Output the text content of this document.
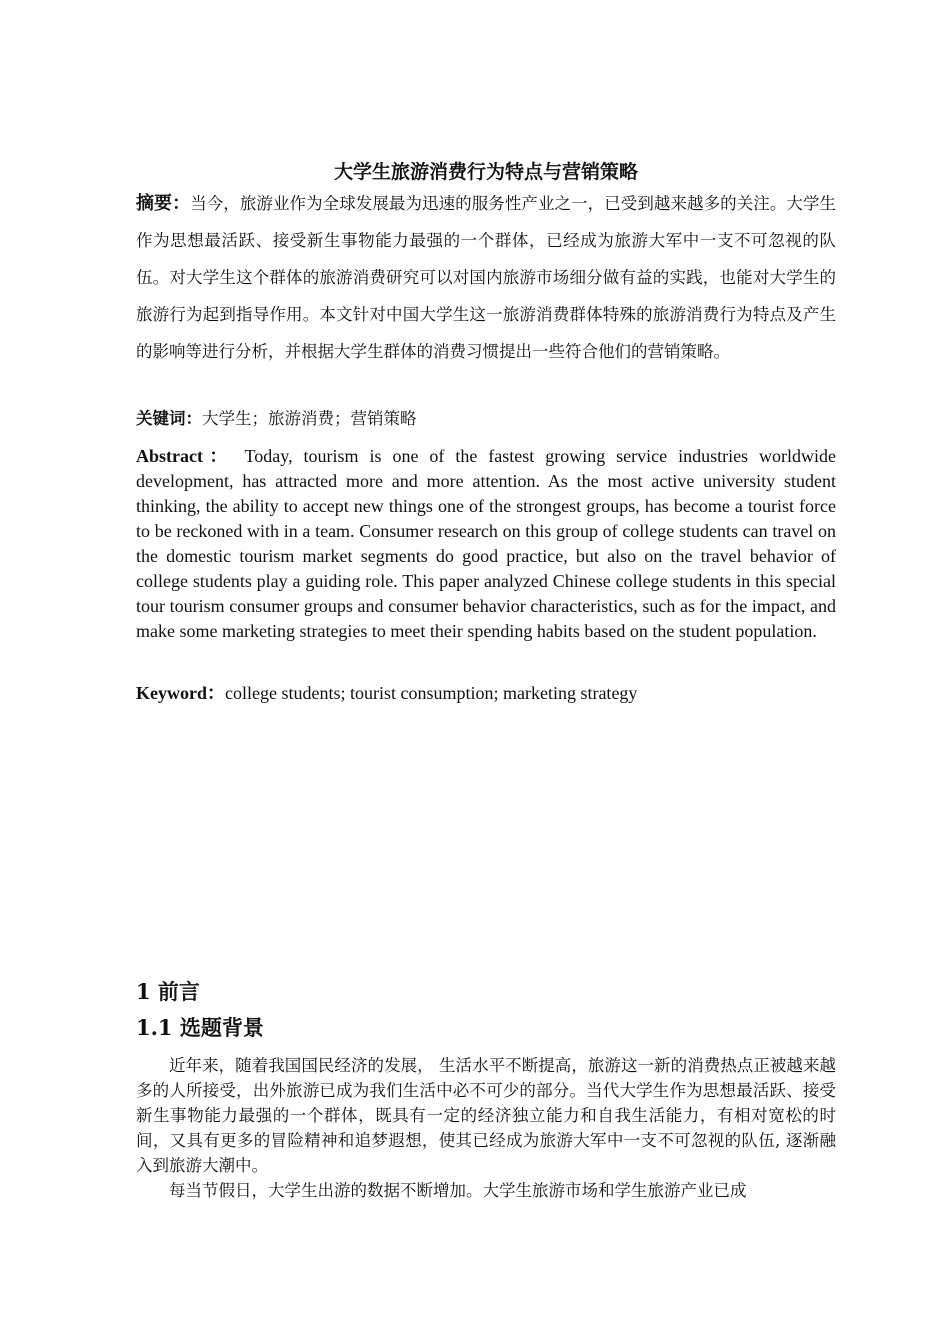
大学生旅游消费行为特点与营销策略

摘要：当今，旅游业作为全球发展最为迅速的服务性产业之一，已受到越来越多的关注。大学生作为思想最活跃、接受新生事物能力最强的一个群体，已经成为旅游大军中一支不可忽视的队伍。对大学生这个群体的旅游消费研究可以对国内旅游市场细分做有益的实践，也能对大学生的旅游行为起到指导作用。本文针对中国大学生这一旅游消费群体特殊的旅游消费行为特点及产生的影响等进行分析，并根据大学生群体的消费习惯提出一些符合他们的营销策略。

关键词：大学生；旅游消费；营销策略

Abstract： Today, tourism is one of the fastest growing service industries worldwide development, has attracted more and more attention. As the most active university student thinking, the ability to accept new things one of the strongest groups, has become a tourist force to be reckoned with in a team. Consumer research on this group of college students can travel on the domestic tourism market segments do good practice, but also on the travel behavior of college students play a guiding role. This paper analyzed Chinese college students in this special tour tourism consumer groups and consumer behavior characteristics, such as for the impact, and make some marketing strategies to meet their spending habits based on the student population.

Keyword：college students; tourist consumption; marketing strategy

1 前言
1.1 选题背景

近年来，随着我国国民经济的发展， 生活水平不断提高，旅游这一新的消费热点正被越来越多的人所接受，出外旅游已成为我们生活中必不可少的部分。当代大学生作为思想最活跃、接受新生事物能力最强的一个群体，既具有一定的经济独立能力和自我生活能力，有相对宽松的时间，又具有更多的冒险精神和追梦遐想，使其已经成为旅游大军中一支不可忽视的队伍, 逐渐融入到旅游大潮中。

每当节假日，大学生出游的数据不断增加。大学生旅游市场和学生旅游产业已成
